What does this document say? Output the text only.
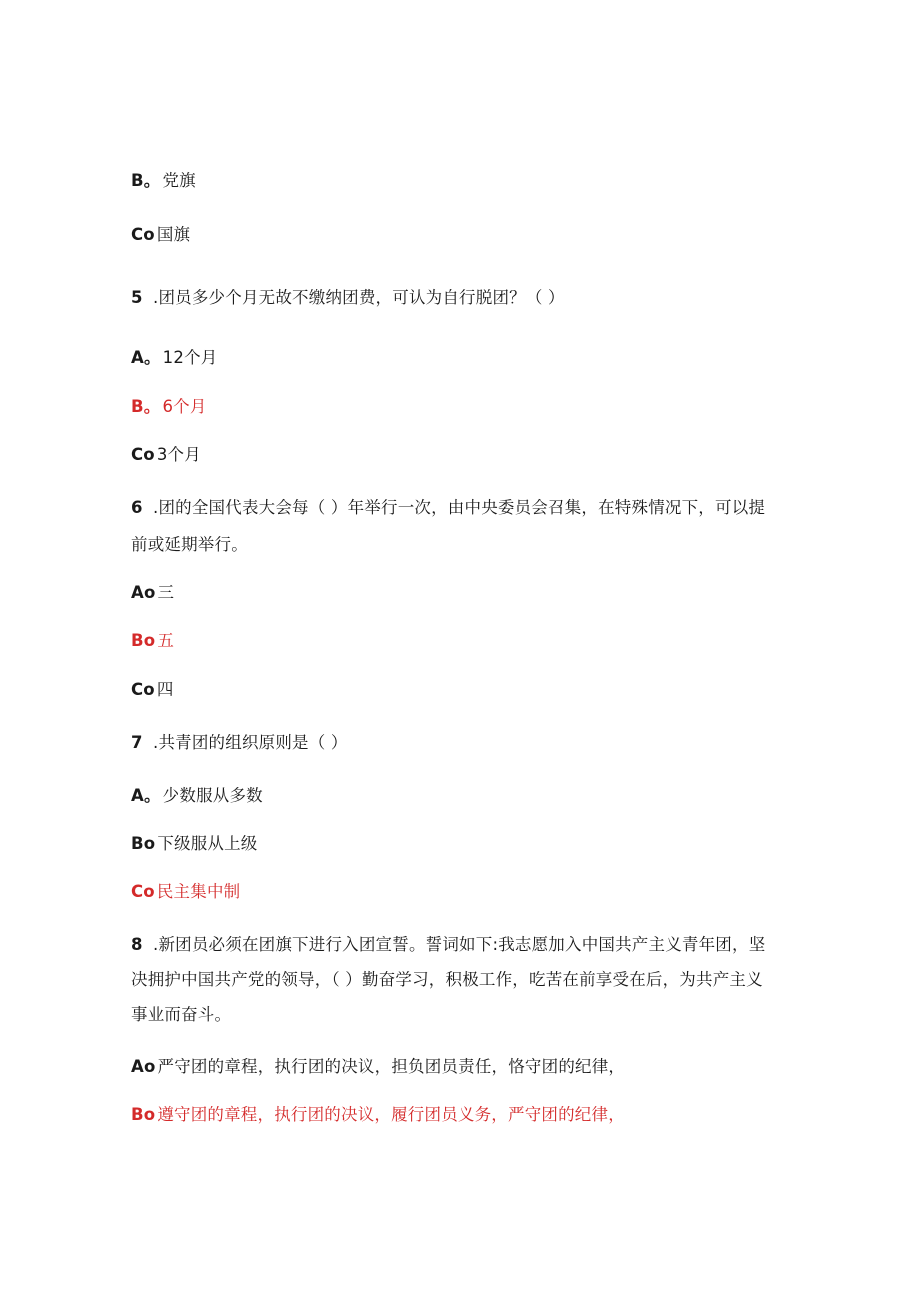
B。 党旗
Co 国旗
5 .团员多少个月无故不缴纳团费，可认为自行脱团？（ ）
A。 12个月
B。 6个月
Co 3个月
6 .团的全国代表大会每（ ）年举行一次，由中央委员会召集，在特殊情况下，可以提
前或延期举行。
Ao 三
Bo 五
Co 四
7 .共青团的组织原则是（ ）
A。 少数服从多数
Bo 下级服从上级
Co 民主集中制
8 .新团员必须在团旗下进行入团宣誓。誓词如下:我志愿加入中国共产主义青年团，坚
决拥护中国共产党的领导，（ ）勤奋学习，积极工作，吃苦在前享受在后，为共产主义
事业而奋斗。
Ao 严守团的章程，执行团的决议，担负团员责任，恪守团的纪律，
Bo 遵守团的章程，执行团的决议，履行团员义务，严守团的纪律，
